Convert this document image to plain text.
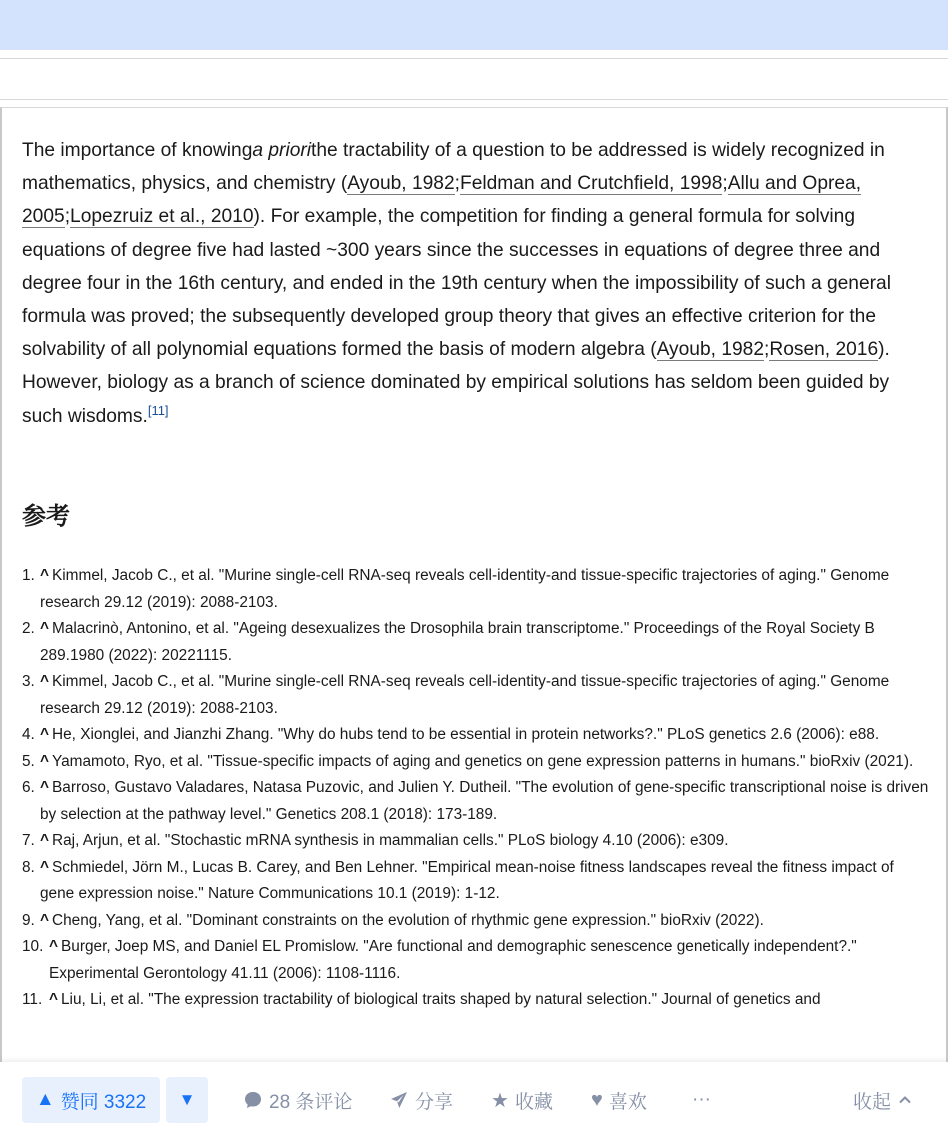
The importance of knowinga priorithe tractability of a question to be addressed is widely recognized in mathematics, physics, and chemistry (Ayoub, 1982;Feldman and Crutchfield, 1998;Allu and Oprea, 2005;Lopezruiz et al., 2010). For example, the competition for finding a general formula for solving equations of degree five had lasted ~300 years since the successes in equations of degree three and degree four in the 16th century, and ended in the 19th century when the impossibility of such a general formula was proved; the subsequently developed group theory that gives an effective criterion for the solvability of all polynomial equations formed the basis of modern algebra (Ayoub, 1982;Rosen, 2016). However, biology as a branch of science dominated by empirical solutions has seldom been guided by such wisdoms.[11]

参考
1. ^ Kimmel, Jacob C., et al. "Murine single-cell RNA-seq reveals cell-identity-and tissue-specific trajectories of aging." Genome research 29.12 (2019): 2088-2103.
2. ^ Malacrinò, Antonino, et al. "Ageing desexualizes the Drosophila brain transcriptome." Proceedings of the Royal Society B 289.1980 (2022): 20221115.
3. ^ Kimmel, Jacob C., et al. "Murine single-cell RNA-seq reveals cell-identity-and tissue-specific trajectories of aging." Genome research 29.12 (2019): 2088-2103.
4. ^ He, Xionglei, and Jianzhi Zhang. "Why do hubs tend to be essential in protein networks?." PLoS genetics 2.6 (2006): e88.
5. ^ Yamamoto, Ryo, et al. "Tissue-specific impacts of aging and genetics on gene expression patterns in humans." bioRxiv (2021).
6. ^ Barroso, Gustavo Valadares, Natasa Puzovic, and Julien Y. Dutheil. "The evolution of gene-specific transcriptional noise is driven by selection at the pathway level." Genetics 208.1 (2018): 173-189.
7. ^ Raj, Arjun, et al. "Stochastic mRNA synthesis in mammalian cells." PLoS biology 4.10 (2006): e309.
8. ^ Schmiedel, Jörn M., Lucas B. Carey, and Ben Lehner. "Empirical mean-noise fitness landscapes reveal the fitness impact of gene expression noise." Nature Communications 10.1 (2019): 1-12.
9. ^ Cheng, Yang, et al. "Dominant constraints on the evolution of rhythmic gene expression." bioRxiv (2022).
10. ^ Burger, Joep MS, and Daniel EL Promislow. "Are functional and demographic senescence genetically independent?." Experimental Gerontology 41.11 (2006): 1108-1116.
11. ^ Liu, Li, et al. "The expression tractability of biological traits shaped by natural selection." Journal of genetics and
▲ 赞同 3322 ▼	28 条评论	分享 ★ 收藏 ♥ 喜欢 ···	收起
